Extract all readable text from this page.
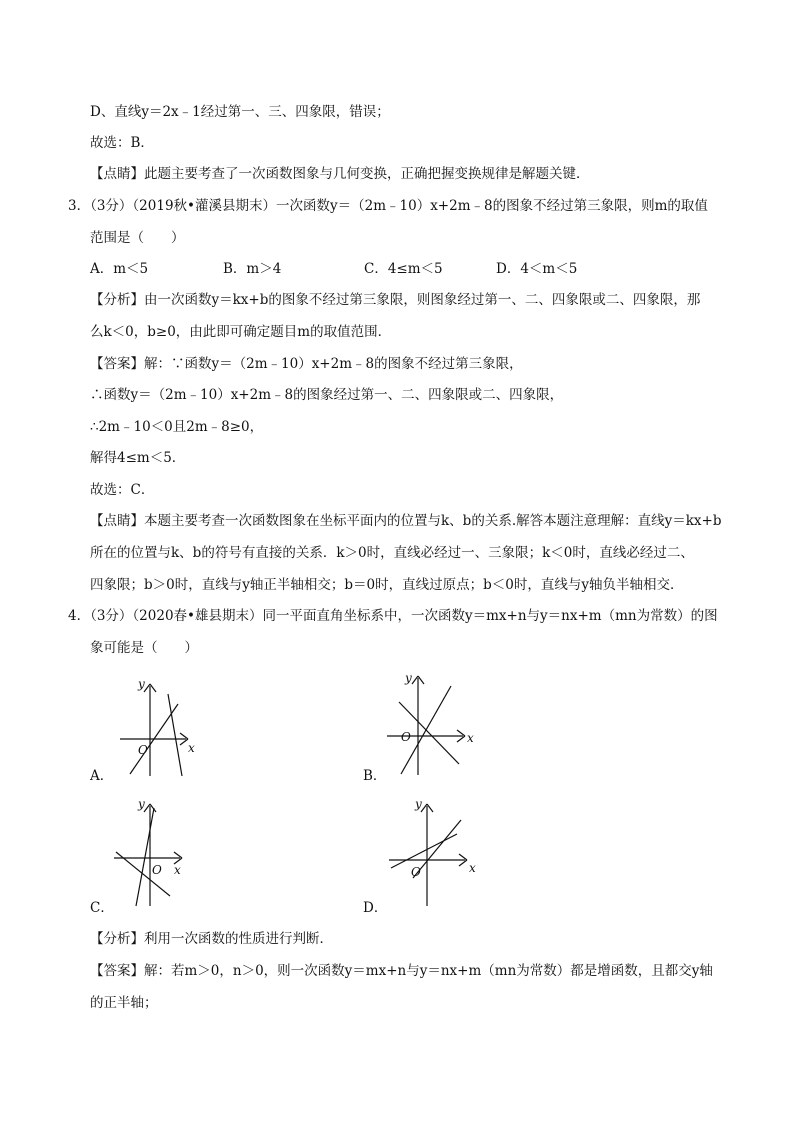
D、直线y＝2x﹣1经过第一、三、四象限，错误；
故选：B．
【点睛】此题主要考查了一次函数图象与几何变换，正确把握变换规律是解题关键．
3．（3分）（2019秋•灌溪县期末）一次函数y＝（2m﹣10）x+2m﹣8的图象不经过第三象限，则m的取值
范围是（　　）
A．m＜5	B．m＞4	C．4≤m＜5	D．4＜m＜5
【分析】由一次函数y＝kx+b的图象不经过第三象限，则图象经过第一、二、四象限或二、四象限，那
么k＜0，b≥0，由此即可确定题目m的取值范围．
【答案】解：∵函数y＝（2m﹣10）x+2m﹣8的图象不经过第三象限，
∴函数y＝（2m﹣10）x+2m﹣8的图象经过第一、二、四象限或二、四象限，
∴2m﹣10＜0且2m﹣8≥0，
解得4≤m＜5．
故选：C．
【点睛】本题主要考查一次函数图象在坐标平面内的位置与k、b的关系.解答本题注意理解：直线y＝kx+b
所在的位置与k、b的符号有直接的关系．k＞0时，直线必经过一、三象限；k＜0时，直线必经过二、
四象限；b＞0时，直线与y轴正半轴相交；b＝0时，直线过原点；b＜0时，直线与y轴负半轴相交．
4．（3分）（2020春•雄县期末）同一平面直角坐标系中，一次函数y＝mx+n与y＝nx+m（mn为常数）的图
象可能是（　　）
y
x
O
A．
y
x
O
B．
y
x
O
C．
y
x
O
D．
【分析】利用一次函数的性质进行判断．
【答案】解：若m＞0，n＞0，则一次函数y＝mx+n与y＝nx+m（mn为常数）都是增函数，且都交y轴
的正半轴；
